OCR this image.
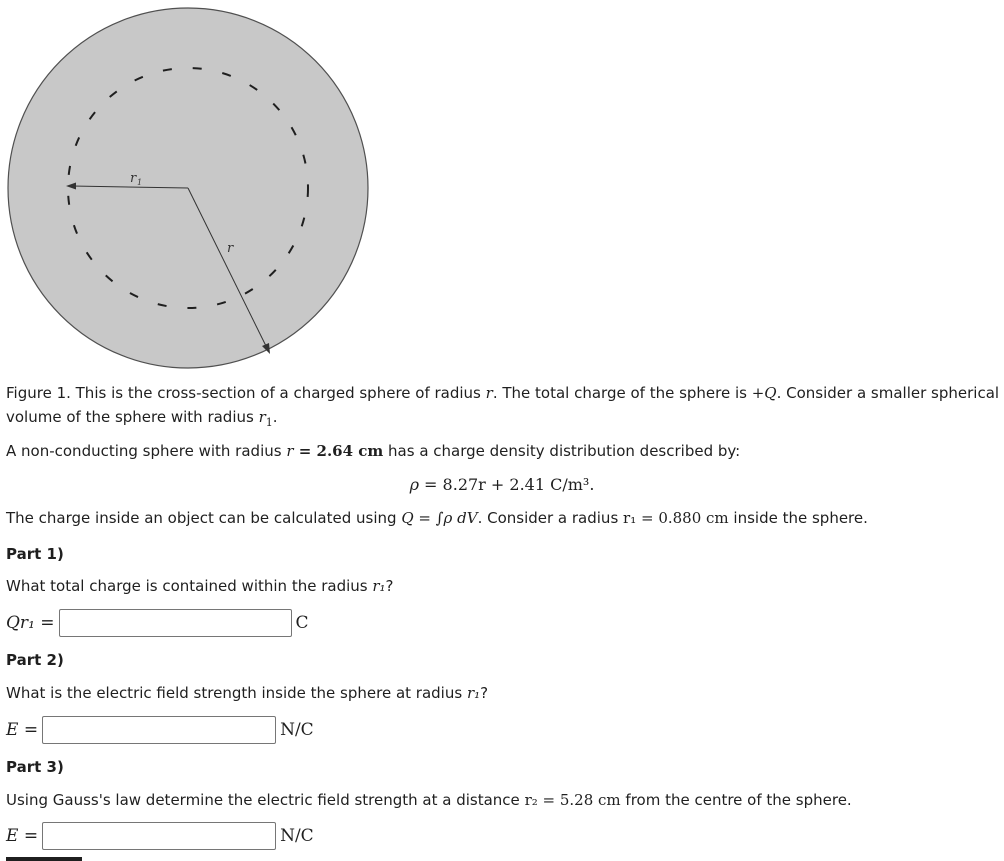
r 1
r
Figure 1. This is the cross-section of a charged sphere of radius r. The total charge of the sphere is +Q. Consider a smaller spherical
volume of the sphere with radius $r_1$.
A non-conducting sphere with radius r = 2.64 cm has a charge density distribution described by:
ρ = 8.27r + 2.41 C/m³.
The charge inside an object can be calculated using Q = ∫ρ dV. Consider a radius r₁ = 0.880 cm inside the sphere.
Part 1)
What total charge is contained within the radius r₁?
Qr₁ =	C
Part 2)
What is the electric field strength inside the sphere at radius r₁?
E =	N/C
Part 3)
Using Gauss's law determine the electric field strength at a distance r₂ = 5.28 cm from the centre of the sphere.
E =	N/C
